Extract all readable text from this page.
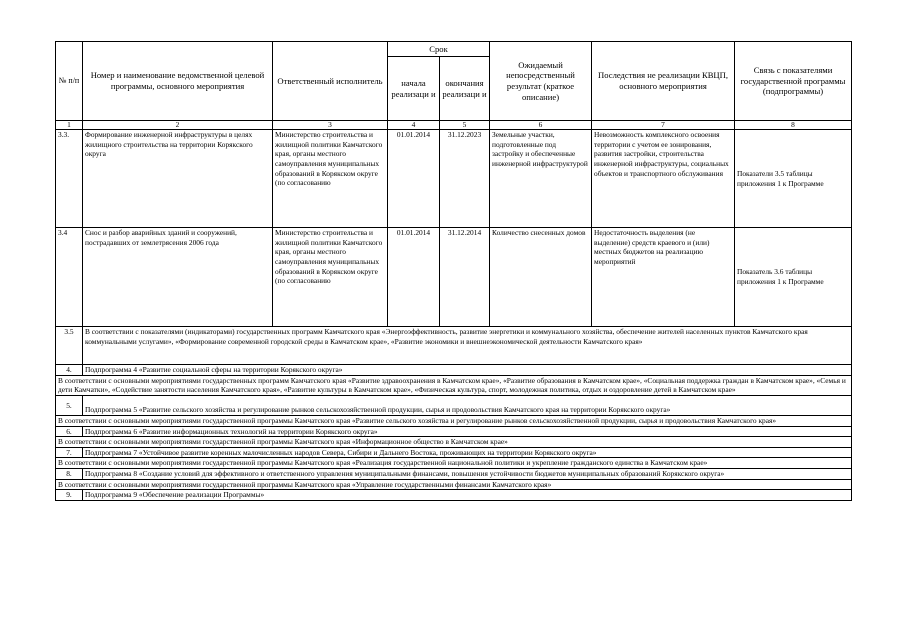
№ п/п	Номер и наименование ведомственной целевой программы, основного мероприятия	Ответственный исполнитель	Срок		Ожидаемый непосредственный результат (краткое описание)	Последствия не реализации КВЦП, основного мероприятия	Связь с показателями государственной программы (подпрограммы)
			начала реализаци и	окончания реализаци и			
1	2	3	4	5	6	7	8
3.3.	Формирование инженерной инфраструктуры в целях жилищного строительства на территории Корякского округа	Министерство строительства и жилищной политики Камчатского края, органы местного самоуправления муниципальных образований в Корякском округе (по согласованию	01.01.2014	31.12.2023	Земельные участки, подготовленные под застройку и обеспеченные инженерной инфраструктурой	Невозможность комплексного освоения территории с учетом ее зонирования, развития застройки, строительства инженерной инфраструктуры, социальных объектов и транспортного обслуживания	Показатели 3.5 таблицы приложения 1 к Программе
3.4	Снос и разбор аварийных зданий и сооружений, пострадавших от землетрясения 2006 года	Министерство строительства и жилищной политики Камчатского края, органы местного самоуправления муниципальных образований в Корякском округе (по согласованию	01.01.2014	31.12.2014	Количество снесенных домов	Недостаточность выделения (не выделение) средств краевого и (или) местных бюджетов на реализацию мероприятий	Показатель 3.6 таблицы приложения 1 к Программе
3.5	В соответствии с показателями (индикаторами) государственных программ Камчатского края «Энергоэффективность, развитие энергетики и коммунального хозяйства, обеспечение жителей населенных пунктов Камчатского края коммунальными услугами», «Формирование современной городской среды в Камчатском крае», «Развитие экономики и внешнеэкономической деятельности Камчатского края»						
4.	Подпрограмма 4 «Развитие социальной сферы на территории Корякского округа»						
В соответствии с основными мероприятиями государственных программ Камчатского края «Развитие здравоохранения в Камчатском крае», «Развитие образования в Камчатском крае», «Социальная поддержка граждан в Камчатском крае», «Семья и дети Камчатки», «Содействие занятости населения Камчатского края», «Развитие культуры в Камчатском крае», «Физическая культура, спорт, молодежная политика, отдых и оздоровление детей в Камчатском крае»							
5.	Подпрограмма 5 «Развитие сельского хозяйства и регулирование рынков сельскохозяйственной продукции, сырья и продовольствия Камчатского края на территории Корякского округа»						
В соответствии с основными мероприятиями государственной программы Камчатского края «Развитие сельского хозяйства и регулирование рынков сельскохозяйственной продукции, сырья и продовольствия Камчатского края»							
6.	Подпрограмма 6 «Развитие информационных технологий на территории Корякского округа»						
В соответствии с основными мероприятиями государственной программы Камчатского края «Информационное общество в Камчатском крае»							
7.	Подпрограмма 7 «Устойчивое развитие коренных малочисленных народов Севера, Сибири и Дальнего Востока, проживающих на территории Корякского округа»						
В соответствии с основными мероприятиями государственной программы Камчатского края «Реализация государственной национальной политики и укрепление гражданского единства в Камчатском крае»							
8.	Подпрограмма 8 «Создание условий для эффективного и ответственного управления муниципальными финансами, повышения устойчивости бюджетов муниципальных образований Корякского округа»						
В соответствии с основными мероприятиями государственной программы Камчатского края «Управление государственными финансами Камчатского края»							
9.	Подпрограмма 9 «Обеспечение реализации Программы»						
